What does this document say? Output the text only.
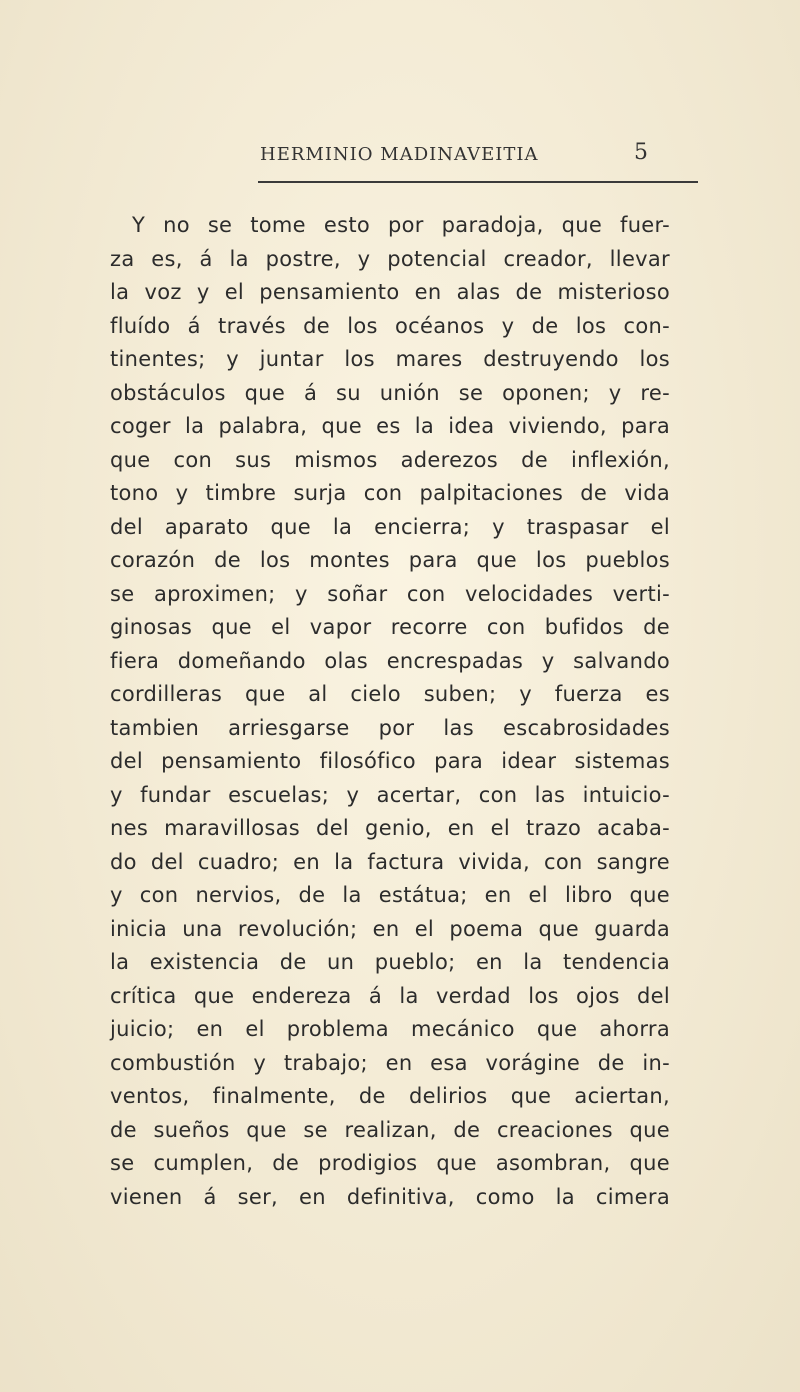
HERMINIO MADINAVEITIA	5
Y no se tome esto por paradoja, que fuer-
za es, á la postre, y potencial creador, llevar
la voz y el pensamiento en alas de misterioso
fluído á través de los océanos y de los con-
tinentes; y juntar los mares destruyendo los
obstáculos que á su unión se oponen; y re-
coger la palabra, que es la idea viviendo, para
que con sus mismos aderezos de inflexión,
tono y timbre surja con palpitaciones de vida
del aparato que la encierra; y traspasar el
corazón de los montes para que los pueblos
se aproximen; y soñar con velocidades verti-
ginosas que el vapor recorre con bufidos de
fiera domeñando olas encrespadas y salvando
cordilleras que al cielo suben; y fuerza es
tambien arriesgarse por las escabrosidades
del pensamiento filosófico para idear sistemas
y fundar escuelas; y acertar, con las intuicio-
nes maravillosas del genio, en el trazo acaba-
do del cuadro; en la factura vivida, con sangre
y con nervios, de la estátua; en el libro que
inicia una revolución; en el poema que guarda
la existencia de un pueblo; en la tendencia
crítica que endereza á la verdad los ojos del
juicio; en el problema mecánico que ahorra
combustión y trabajo; en esa vorágine de in-
ventos, finalmente, de delirios que aciertan,
de sueños que se realizan, de creaciones que
se cumplen, de prodigios que asombran, que
vienen á ser, en definitiva, como la cimera
